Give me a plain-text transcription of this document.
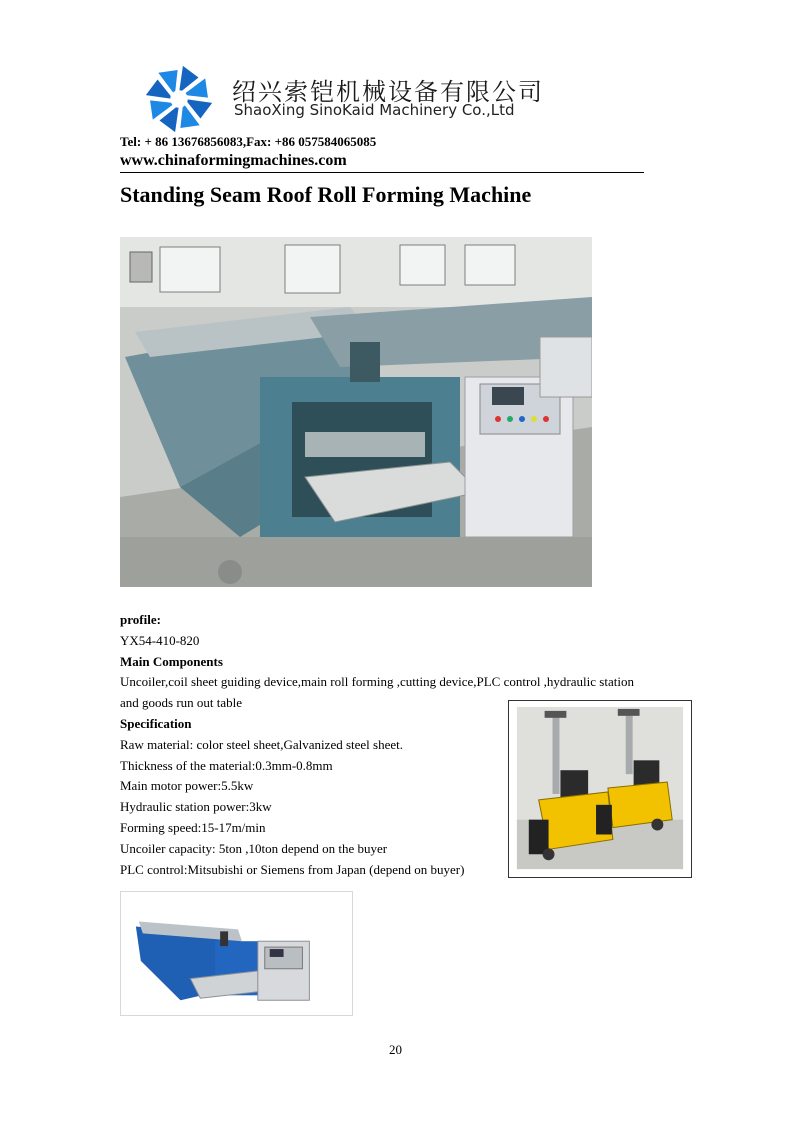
绍兴索铠机械设备有限公司
ShaoXing SinoKaid Machinery Co.,Ltd
Tel: + 86 13676856083,Fax: +86 057584065085
www.chinaformingmachines.com
Standing Seam Roof Roll Forming Machine
profile:
YX54-410-820
Main Components
Uncoiler,coil sheet guiding device,main roll forming ,cutting device,PLC control ,hydraulic station
and goods run out table
Specification
Raw material: color steel sheet,Galvanized steel sheet.
Thickness of the material:0.3mm-0.8mm
Main motor power:5.5kw
Hydraulic station power:3kw
Forming speed:15-17m/min
Uncoiler capacity: 5ton ,10ton depend on the buyer
PLC control:Mitsubishi or Siemens from Japan (depend on buyer)
20
